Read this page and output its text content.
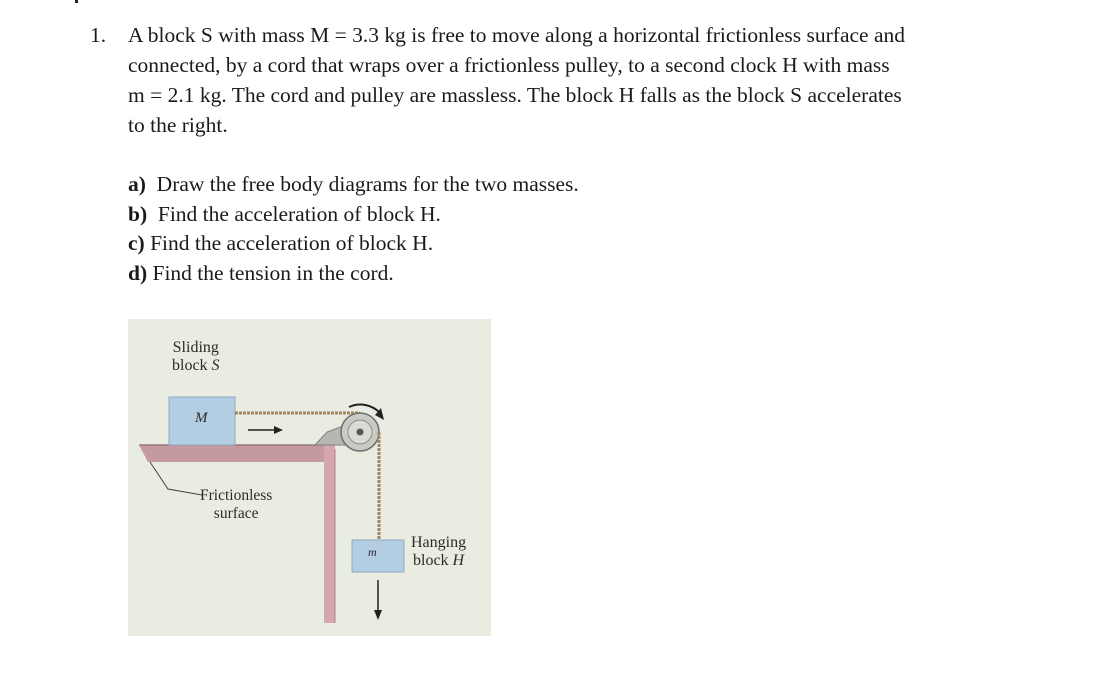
1. A block S with mass M = 3.3 kg is free to move along a horizontal frictionless surface and
connected, by a cord that wraps over a frictionless pulley, to a second clock H with mass
m = 2.1 kg. The cord and pulley are massless. The block H falls as the block S accelerates
to the right.
a) Draw the free body diagrams for the two masses.
b) Find the acceleration of block H.
c) Find the acceleration of block H.
d) Find the tension in the cord.
Sliding
block S
M
Frictionless
surface
m
Hanging
block H
